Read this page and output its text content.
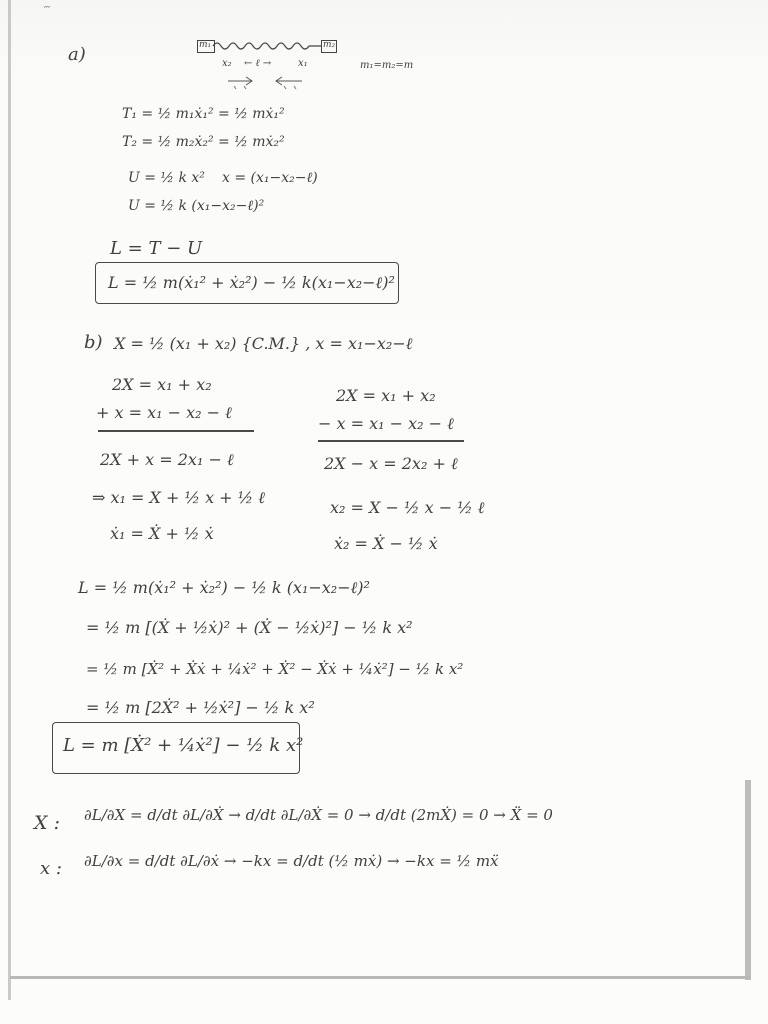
′′′
a)	m₁	m₂
x₂ ← ℓ →	x₁	m₁=m₂=m
T₁ = ½ m₁ẋ₁² = ½ mẋ₁²
T₂ = ½ m₂ẋ₂² = ½ mẋ₂²
U = ½ k x² x = (x₁−x₂−ℓ)
U = ½ k (x₁−x₂−ℓ)²
L = T − U
L = ½ m(ẋ₁² + ẋ₂²) − ½ k(x₁−x₂−ℓ)²
b) X = ½ (x₁ + x₂) {C.M.} , x = x₁−x₂−ℓ
2X = x₁ + x₂
+ x = x₁ − x₂ − ℓ
2X + x = 2x₁ − ℓ
⇒ x₁ = X + ½ x + ½ ℓ
ẋ₁ = Ẋ + ½ ẋ
2X = x₁ + x₂
− x = x₁ − x₂ − ℓ
2X − x = 2x₂ + ℓ
x₂ = X − ½ x − ½ ℓ
ẋ₂ = Ẋ − ½ ẋ
L = ½ m(ẋ₁² + ẋ₂²) − ½ k (x₁−x₂−ℓ)²
= ½ m [(Ẋ + ½ẋ)² + (Ẋ − ½ẋ)²] − ½ k x²
= ½ m [Ẋ² + Ẋẋ + ¼ẋ² + Ẋ² − Ẋẋ + ¼ẋ²] − ½ k x²
= ½ m [2Ẋ² + ½ẋ²] − ½ k x²
L = m [Ẋ² + ¼ẋ²] − ½ k x²
X : ∂L/∂X = d/dt ∂L/∂Ẋ → d/dt ∂L/∂Ẋ = 0 → d/dt (2mẊ) = 0 → Ẍ = 0
x : ∂L/∂x = d/dt ∂L/∂ẋ → −kx = d/dt (½ mẋ) → −kx = ½ mẍ
